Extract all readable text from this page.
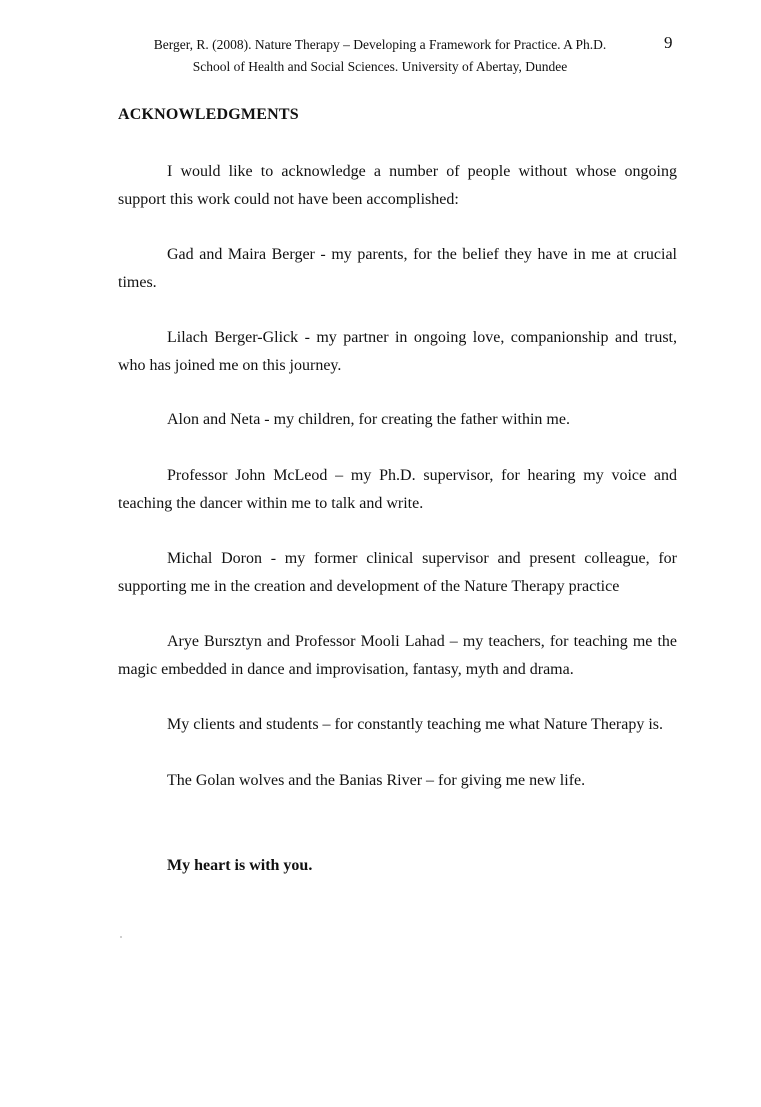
Berger, R. (2008). Nature Therapy – Developing a Framework for Practice. A Ph.D.
School of Health and Social Sciences. University of Abertay, Dundee
9
ACKNOWLEDGMENTS

I would like to acknowledge a number of people without whose ongoing support this work could not have been accomplished:

Gad and Maira Berger - my parents, for the belief they have in me at crucial times.

Lilach Berger-Glick - my partner in ongoing love, companionship and trust, who has joined me on this journey.

Alon and Neta - my children, for creating the father within me.

Professor John McLeod – my Ph.D. supervisor, for hearing my voice and teaching the dancer within me to talk and write.

Michal Doron - my former clinical supervisor and present colleague, for supporting me in the creation and development of the Nature Therapy practice

Arye Bursztyn and Professor Mooli Lahad – my teachers, for teaching me the magic embedded in dance and improvisation, fantasy, myth and drama.

My clients and students – for constantly teaching me what Nature Therapy is.

The Golan wolves and the Banias River – for giving me new life.

My heart is with you.
